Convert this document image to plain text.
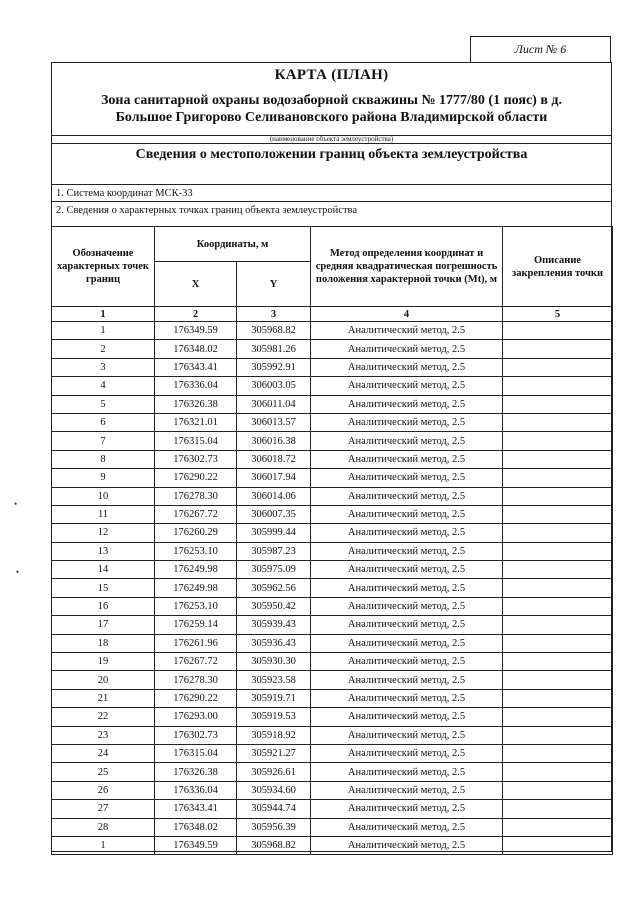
Лист № 6
•
•
КАРТА (ПЛАН)
Зона санитарной охраны водозаборной скважины № 1777/80 (1 пояс) в д.
Большое Григорово Селивановского района Владимирской области
(наименование объекта землеустройства)
Сведения о местоположении границ объекта землеустройства
1. Система координат МСК-33
2. Сведения о характерных точках границ объекта землеустройства
Обозначение характерных точек границ	Координаты, м		Метод определения координат и средняя квадратическая погрешность положения характерной точки (Mt), м	Описание закрепления точки
	X	Y		
1	2	3	4	5
1	176349.59	305968.82	Аналитический метод, 2.5	
2	176348.02	305981.26	Аналитический метод, 2.5	
3	176343.41	305992.91	Аналитический метод, 2.5	
4	176336.04	306003.05	Аналитический метод, 2.5	
5	176326.38	306011.04	Аналитический метод, 2.5	
6	176321.01	306013.57	Аналитический метод, 2.5	
7	176315.04	306016.38	Аналитический метод, 2.5	
8	176302.73	306018.72	Аналитический метод, 2.5	
9	176290.22	306017.94	Аналитический метод, 2.5	
10	176278.30	306014.06	Аналитический метод, 2.5	
11	176267.72	306007.35	Аналитический метод, 2.5	
12	176260.29	305999.44	Аналитический метод, 2.5	
13	176253.10	305987.23	Аналитический метод, 2.5	
14	176249.98	305975.09	Аналитический метод, 2.5	
15	176249.98	305962.56	Аналитический метод, 2.5	
16	176253.10	305950.42	Аналитический метод, 2.5	
17	176259.14	305939.43	Аналитический метод, 2.5	
18	176261.96	305936.43	Аналитический метод, 2.5	
19	176267.72	305930.30	Аналитический метод, 2.5	
20	176278.30	305923.58	Аналитический метод, 2.5	
21	176290.22	305919.71	Аналитический метод, 2.5	
22	176293.00	305919.53	Аналитический метод, 2.5	
23	176302.73	305918.92	Аналитический метод, 2.5	
24	176315.04	305921.27	Аналитический метод, 2.5	
25	176326.38	305926.61	Аналитический метод, 2.5	
26	176336.04	305934.60	Аналитический метод, 2.5	
27	176343.41	305944.74	Аналитический метод, 2.5	
28	176348.02	305956.39	Аналитический метод, 2.5	
1	176349.59	305968.82	Аналитический метод, 2.5	
